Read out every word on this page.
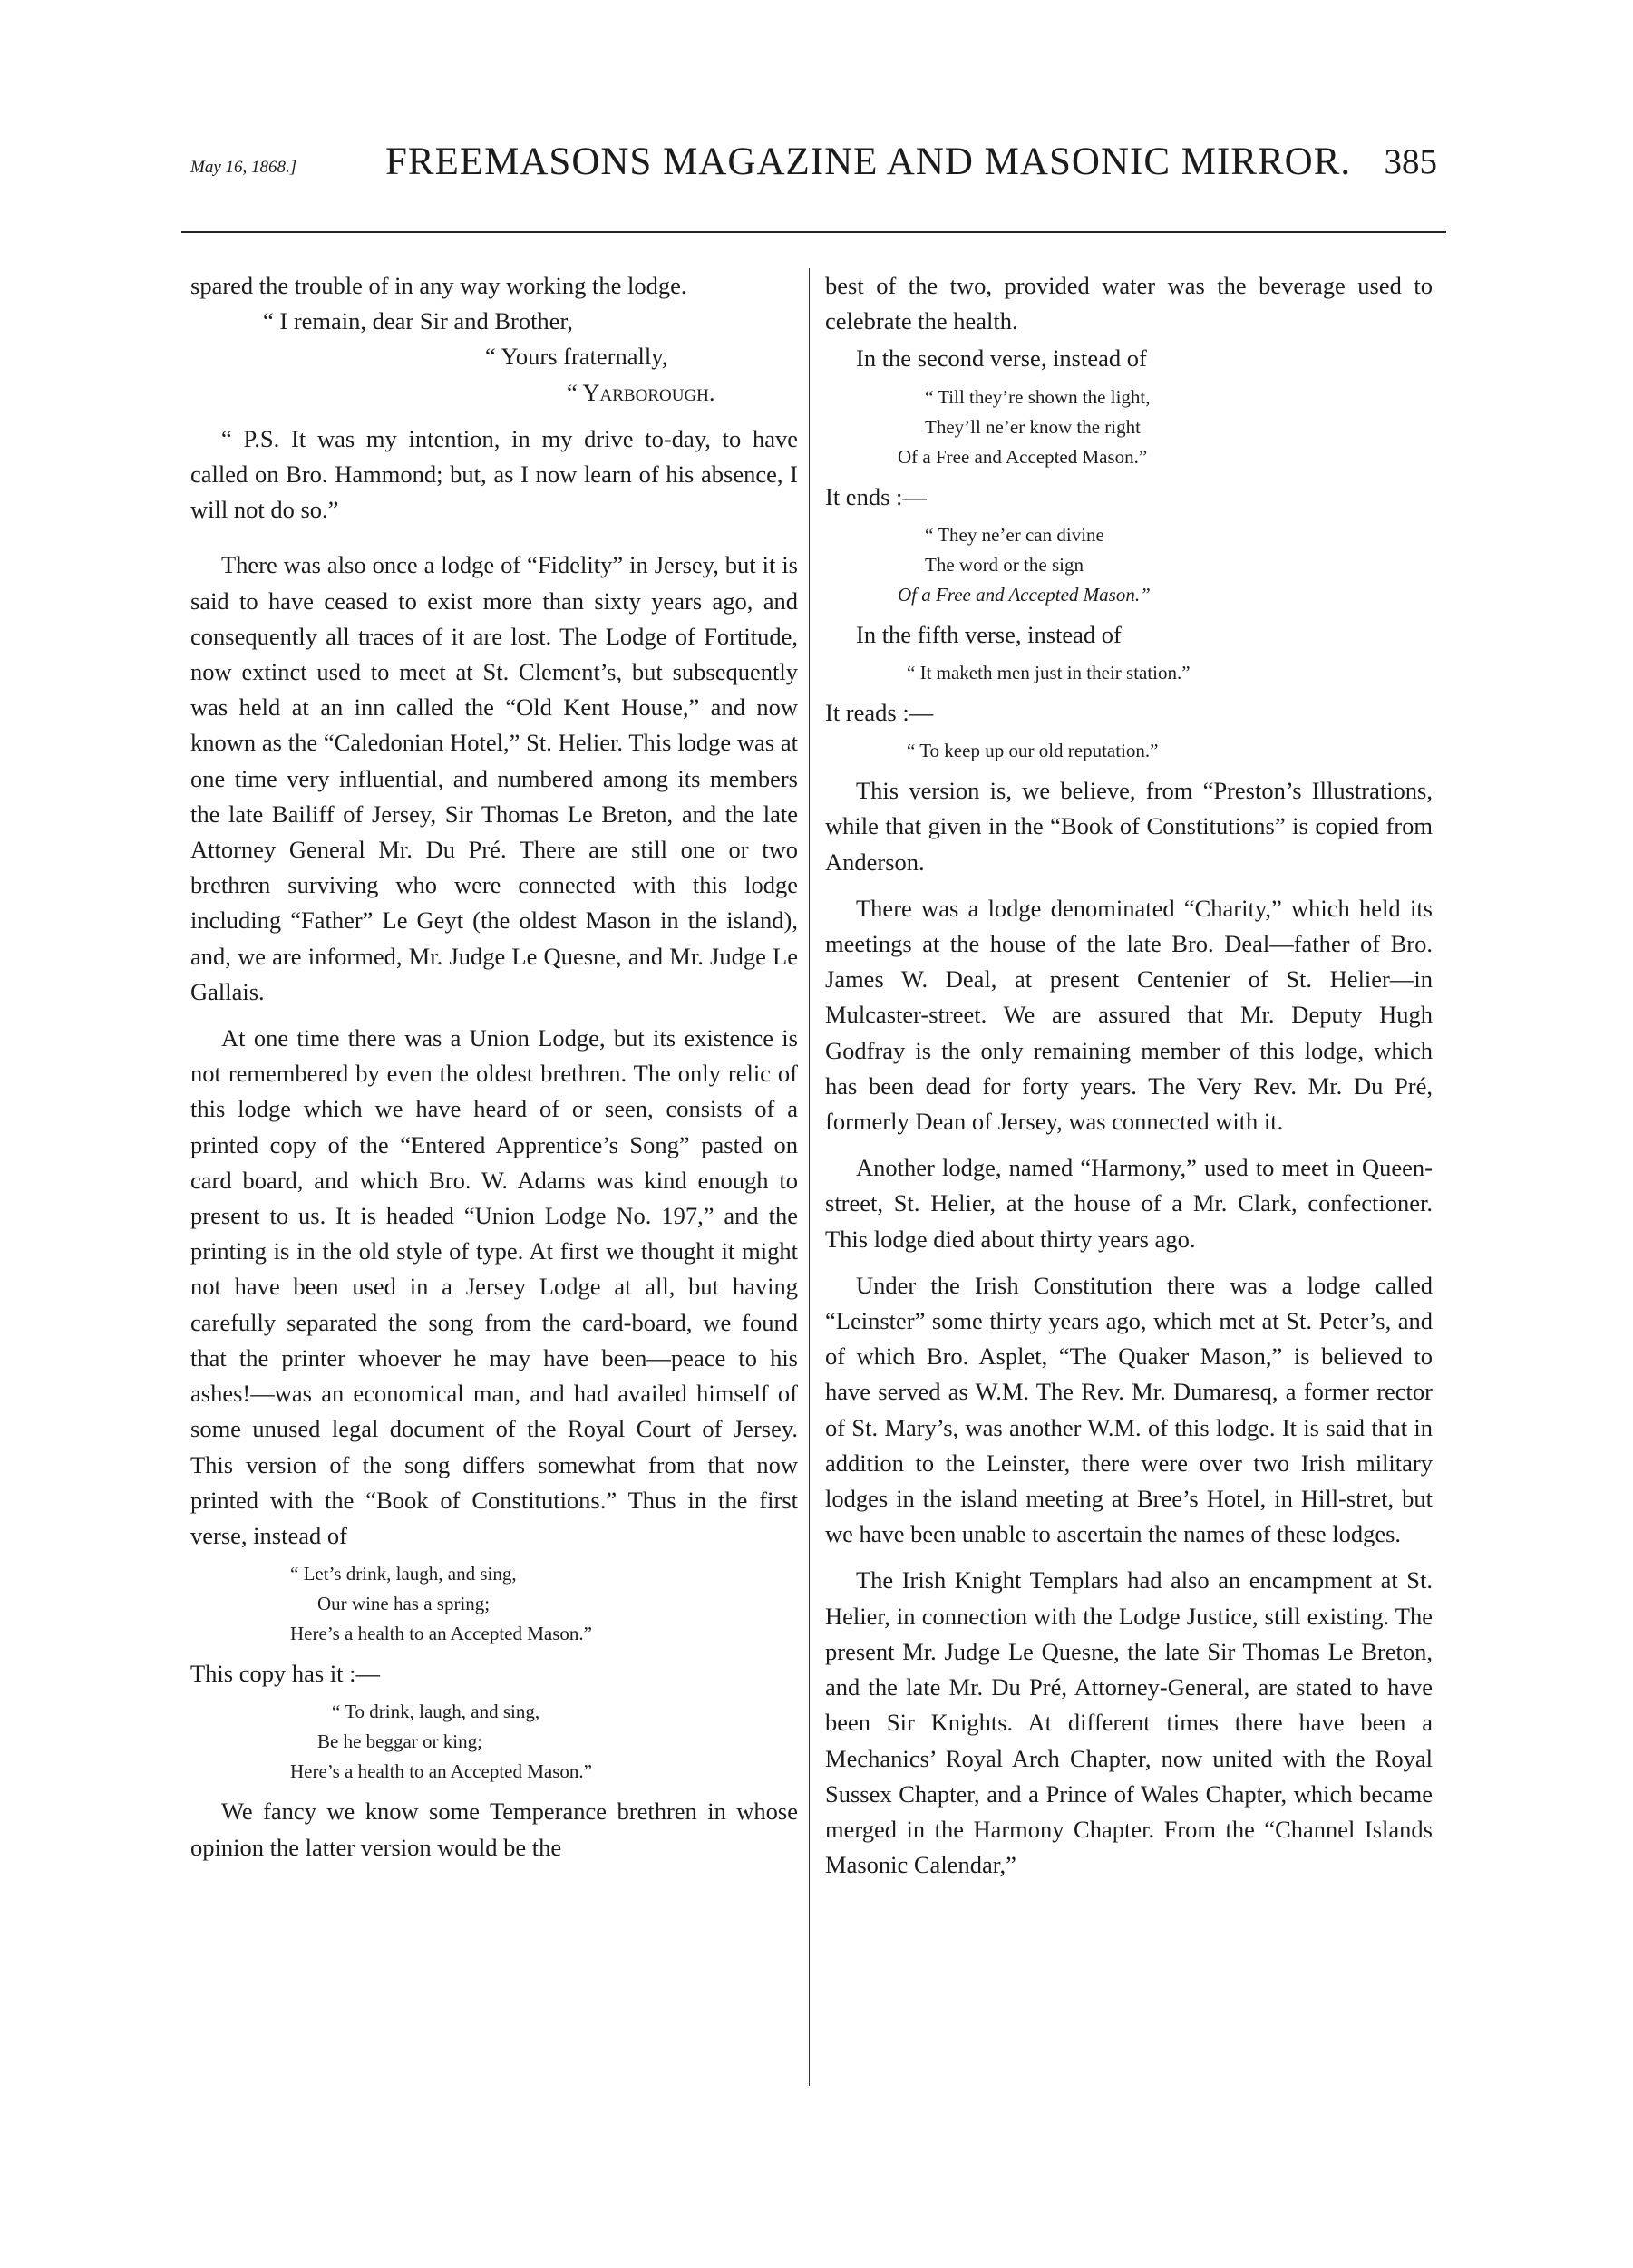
May 16, 1868.] FREEMASONS MAGAZINE AND MASONIC MIRROR. 385

spared the trouble of in any way working the lodge.

“ I remain, dear Sir and Brother,

“ Yours fraternally,

“ Yarborough.

“ P.S. It was my intention, in my drive to-day, to have called on Bro. Hammond; but, as I now learn of his absence, I will not do so.”

There was also once a lodge of “Fidelity” in Jersey, but it is said to have ceased to exist more than sixty years ago, and consequently all traces of it are lost. The Lodge of Fortitude, now extinct used to meet at St. Clement’s, but subsequently was held at an inn called the “Old Kent House,” and now known as the “Caledonian Hotel,” St. Helier. This lodge was at one time very influential, and numbered among its members the late Bailiff of Jersey, Sir Thomas Le Breton, and the late Attorney General Mr. Du Pré. There are still one or two brethren surviving who were connected with this lodge including “Father” Le Geyt (the oldest Mason in the island), and, we are informed, Mr. Judge Le Quesne, and Mr. Judge Le Gallais.

At one time there was a Union Lodge, but its existence is not remembered by even the oldest brethren. The only relic of this lodge which we have heard of or seen, consists of a printed copy of the “Entered Apprentice’s Song” pasted on card board, and which Bro. W. Adams was kind enough to present to us. It is headed “Union Lodge No. 197,” and the printing is in the old style of type. At first we thought it might not have been used in a Jersey Lodge at all, but having carefully separated the song from the card-board, we found that the printer whoever he may have been—peace to his ashes!—was an economical man, and had availed himself of some unused legal document of the Royal Court of Jersey. This version of the song differs somewhat from that now printed with the “Book of Constitutions.” Thus in the first verse, instead of

“ Let’s drink, laugh, and sing,
Our wine has a spring;
Here’s a health to an Accepted Mason.”

This copy has it :—

“ To drink, laugh, and sing,
Be he beggar or king;
Here’s a health to an Accepted Mason.”

We fancy we know some Temperance brethren in whose opinion the latter version would be the

best of the two, provided water was the beverage used to celebrate the health.

In the second verse, instead of

“ Till they’re shown the light,
They’ll ne’er know the right
Of a Free and Accepted Mason.”

It ends :—

“ They ne’er can divine
The word or the sign
Of a Free and Accepted Mason.”

In the fifth verse, instead of

“ It maketh men just in their station.”

It reads :—

“ To keep up our old reputation.”

This version is, we believe, from “Preston’s Illustrations, while that given in the “Book of Constitutions” is copied from Anderson.

There was a lodge denominated “Charity,” which held its meetings at the house of the late Bro. Deal—father of Bro. James W. Deal, at present Centenier of St. Helier—in Mulcaster-street. We are assured that Mr. Deputy Hugh Godfray is the only remaining member of this lodge, which has been dead for forty years. The Very Rev. Mr. Du Pré, formerly Dean of Jersey, was connected with it.

Another lodge, named “Harmony,” used to meet in Queen-street, St. Helier, at the house of a Mr. Clark, confectioner. This lodge died about thirty years ago.

Under the Irish Constitution there was a lodge called “Leinster” some thirty years ago, which met at St. Peter’s, and of which Bro. Asplet, “The Quaker Mason,” is believed to have served as W.M. The Rev. Mr. Dumaresq, a former rector of St. Mary’s, was another W.M. of this lodge. It is said that in addition to the Leinster, there were over two Irish military lodges in the island meeting at Bree’s Hotel, in Hill-stret, but we have been unable to ascertain the names of these lodges.

The Irish Knight Templars had also an encampment at St. Helier, in connection with the Lodge Justice, still existing. The present Mr. Judge Le Quesne, the late Sir Thomas Le Breton, and the late Mr. Du Pré, Attorney-General, are stated to have been Sir Knights. At different times there have been a Mechanics’ Royal Arch Chapter, now united with the Royal Sussex Chapter, and a Prince of Wales Chapter, which became merged in the Harmony Chapter. From the “Channel Islands Masonic Calendar,”
